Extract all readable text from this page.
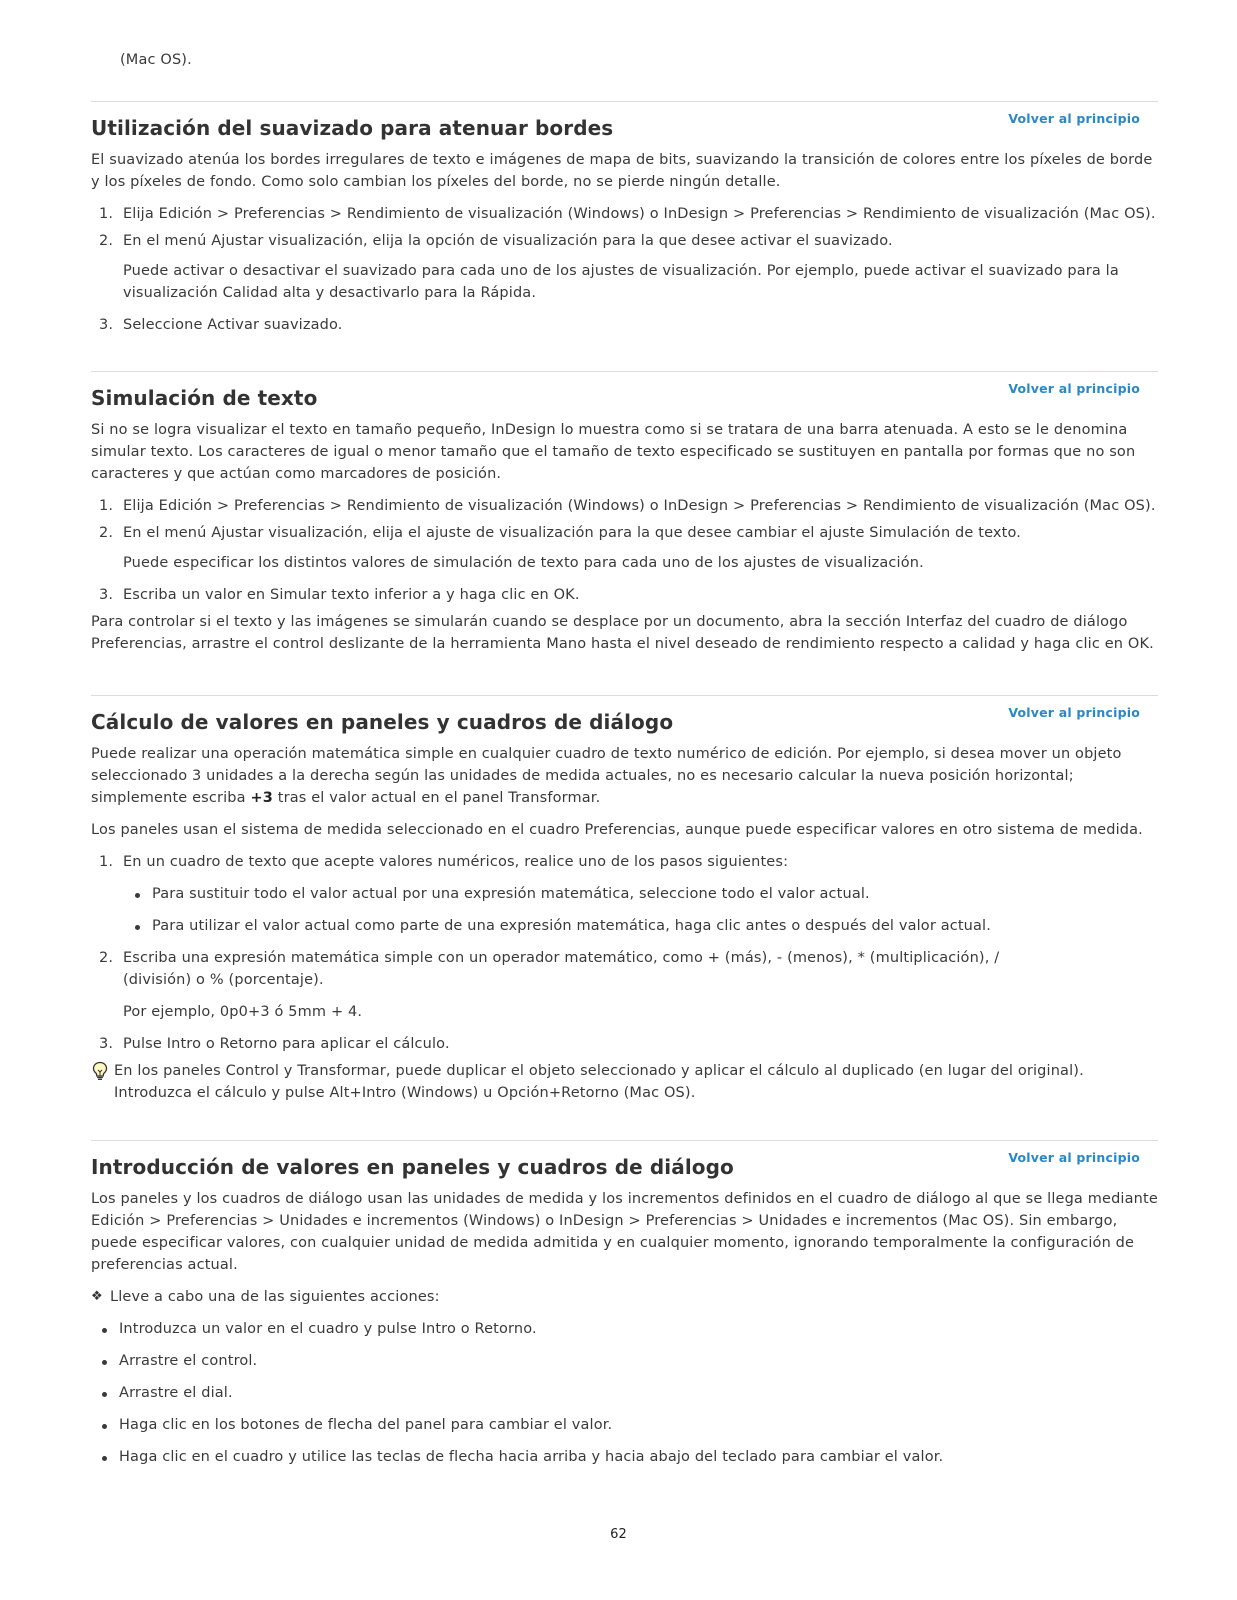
(Mac OS).

Volver al principio
Utilización del suavizado para atenuar bordes

El suavizado atenúa los bordes irregulares de texto e imágenes de mapa de bits, suavizando la transición de colores entre los píxeles de borde y los píxeles de fondo. Como solo cambian los píxeles del borde, no se pierde ningún detalle.

1. Elija Edición > Preferencias > Rendimiento de visualización (Windows) o InDesign > Preferencias > Rendimiento de visualización (Mac OS).
2. En el menú Ajustar visualización, elija la opción de visualización para la que desee activar el suavizado.

Puede activar o desactivar el suavizado para cada uno de los ajustes de visualización. Por ejemplo, puede activar el suavizado para la visualización Calidad alta y desactivarlo para la Rápida.

3. Seleccione Activar suavizado.
Volver al principio
Simulación de texto

Si no se logra visualizar el texto en tamaño pequeño, InDesign lo muestra como si se tratara de una barra atenuada. A esto se le denomina simular texto. Los caracteres de igual o menor tamaño que el tamaño de texto especificado se sustituyen en pantalla por formas que no son caracteres y que actúan como marcadores de posición.

1. Elija Edición > Preferencias > Rendimiento de visualización (Windows) o InDesign > Preferencias > Rendimiento de visualización (Mac OS).
2. En el menú Ajustar visualización, elija el ajuste de visualización para la que desee cambiar el ajuste Simulación de texto.

Puede especificar los distintos valores de simulación de texto para cada uno de los ajustes de visualización.

3. Escriba un valor en Simular texto inferior a y haga clic en OK.

Para controlar si el texto y las imágenes se simularán cuando se desplace por un documento, abra la sección Interfaz del cuadro de diálogo Preferencias, arrastre el control deslizante de la herramienta Mano hasta el nivel deseado de rendimiento respecto a calidad y haga clic en OK.

Volver al principio
Cálculo de valores en paneles y cuadros de diálogo

Puede realizar una operación matemática simple en cualquier cuadro de texto numérico de edición. Por ejemplo, si desea mover un objeto seleccionado 3 unidades a la derecha según las unidades de medida actuales, no es necesario calcular la nueva posición horizontal; simplemente escriba +3 tras el valor actual en el panel Transformar.

Los paneles usan el sistema de medida seleccionado en el cuadro Preferencias, aunque puede especificar valores en otro sistema de medida.

1. En un cuadro de texto que acepte valores numéricos, realice uno de los pasos siguientes:
Para sustituir todo el valor actual por una expresión matemática, seleccione todo el valor actual.
Para utilizar el valor actual como parte de una expresión matemática, haga clic antes o después del valor actual.
2. Escriba una expresión matemática simple con un operador matemático, como + (más), - (menos), * (multiplicación), / (división) o % (porcentaje).

Por ejemplo, 0p0+3 ó 5mm + 4.

3. Pulse Intro o Retorno para aplicar el cálculo.
En los paneles Control y Transformar, puede duplicar el objeto seleccionado y aplicar el cálculo al duplicado (en lugar del original). Introduzca el cálculo y pulse Alt+Intro (Windows) u Opción+Retorno (Mac OS).
Volver al principio
Introducción de valores en paneles y cuadros de diálogo

Los paneles y los cuadros de diálogo usan las unidades de medida y los incrementos definidos en el cuadro de diálogo al que se llega mediante Edición > Preferencias > Unidades e incrementos (Windows) o InDesign > Preferencias > Unidades e incrementos (Mac OS). Sin embargo, puede especificar valores, con cualquier unidad de medida admitida y en cualquier momento, ignorando temporalmente la configuración de preferencias actual.

❖ Lleve a cabo una de las siguientes acciones:

Introduzca un valor en el cuadro y pulse Intro o Retorno.
Arrastre el control.
Arrastre el dial.
Haga clic en los botones de flecha del panel para cambiar el valor.
Haga clic en el cuadro y utilice las teclas de flecha hacia arriba y hacia abajo del teclado para cambiar el valor.
62
